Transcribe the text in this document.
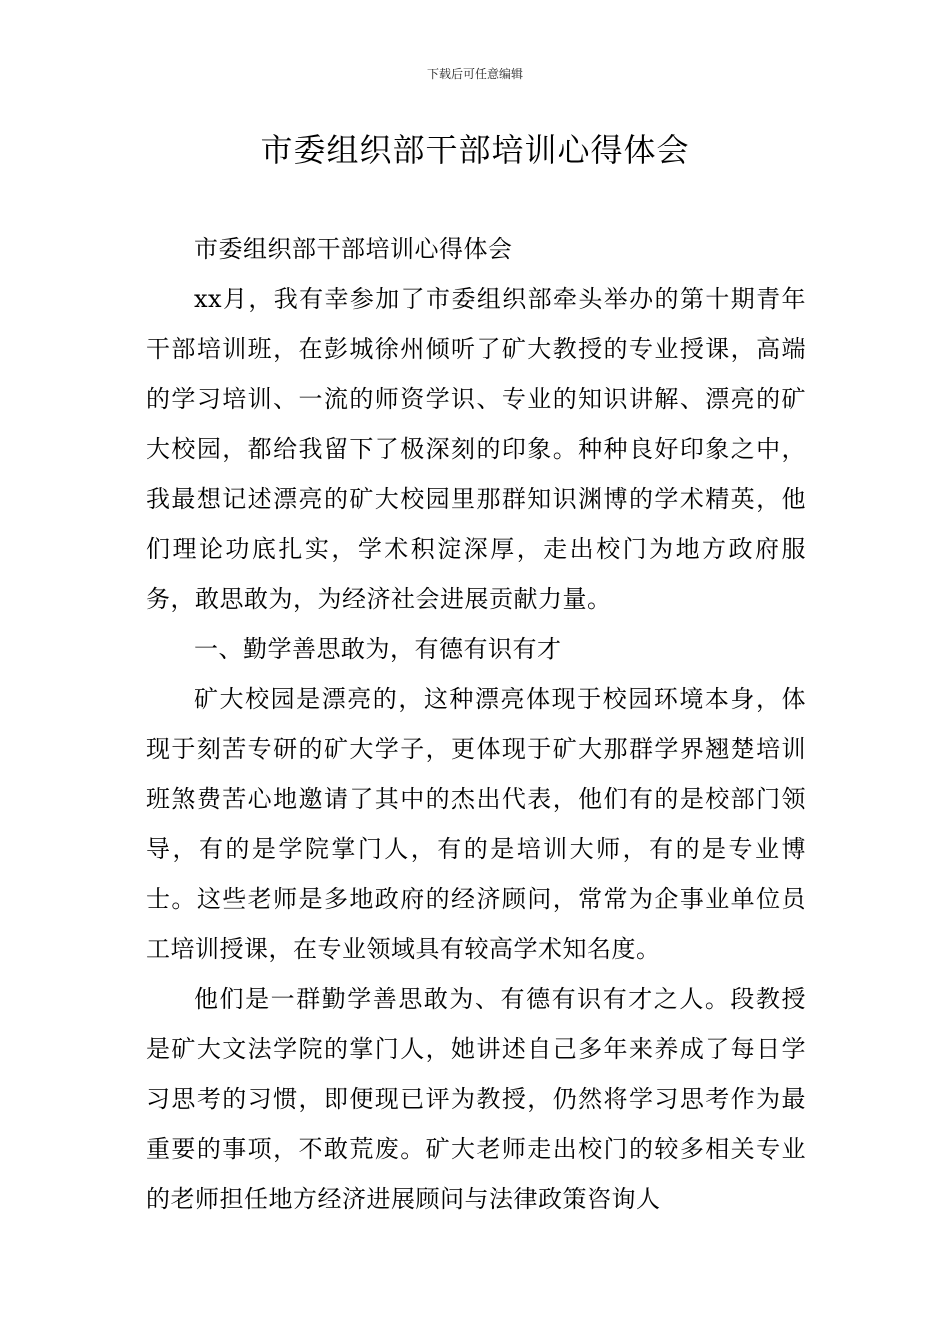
下载后可任意编辑
市委组织部干部培训心得体会

市委组织部干部培训心得体会

xx月，我有幸参加了市委组织部牵头举办的第十期青年干部培训班，在彭城徐州倾听了矿大教授的专业授课，高端的学习培训、一流的师资学识、专业的知识讲解、漂亮的矿大校园，都给我留下了极深刻的印象。种种良好印象之中，我最想记述漂亮的矿大校园里那群知识渊博的学术精英，他们理论功底扎实，学术积淀深厚，走出校门为地方政府服务，敢思敢为，为经济社会进展贡献力量。

一、勤学善思敢为，有德有识有才

矿大校园是漂亮的，这种漂亮体现于校园环境本身，体现于刻苦专研的矿大学子，更体现于矿大那群学界翘楚培训班煞费苦心地邀请了其中的杰出代表，他们有的是校部门领导，有的是学院掌门人，有的是培训大师，有的是专业博士。这些老师是多地政府的经济顾问，常常为企事业单位员工培训授课，在专业领域具有较高学术知名度。

他们是一群勤学善思敢为、有德有识有才之人。段教授是矿大文法学院的掌门人，她讲述自己多年来养成了每日学习思考的习惯，即便现已评为教授，仍然将学习思考作为最重要的事项，不敢荒废。矿大老师走出校门的较多相关专业的老师担任地方经济进展顾问与法律政策咨询人
